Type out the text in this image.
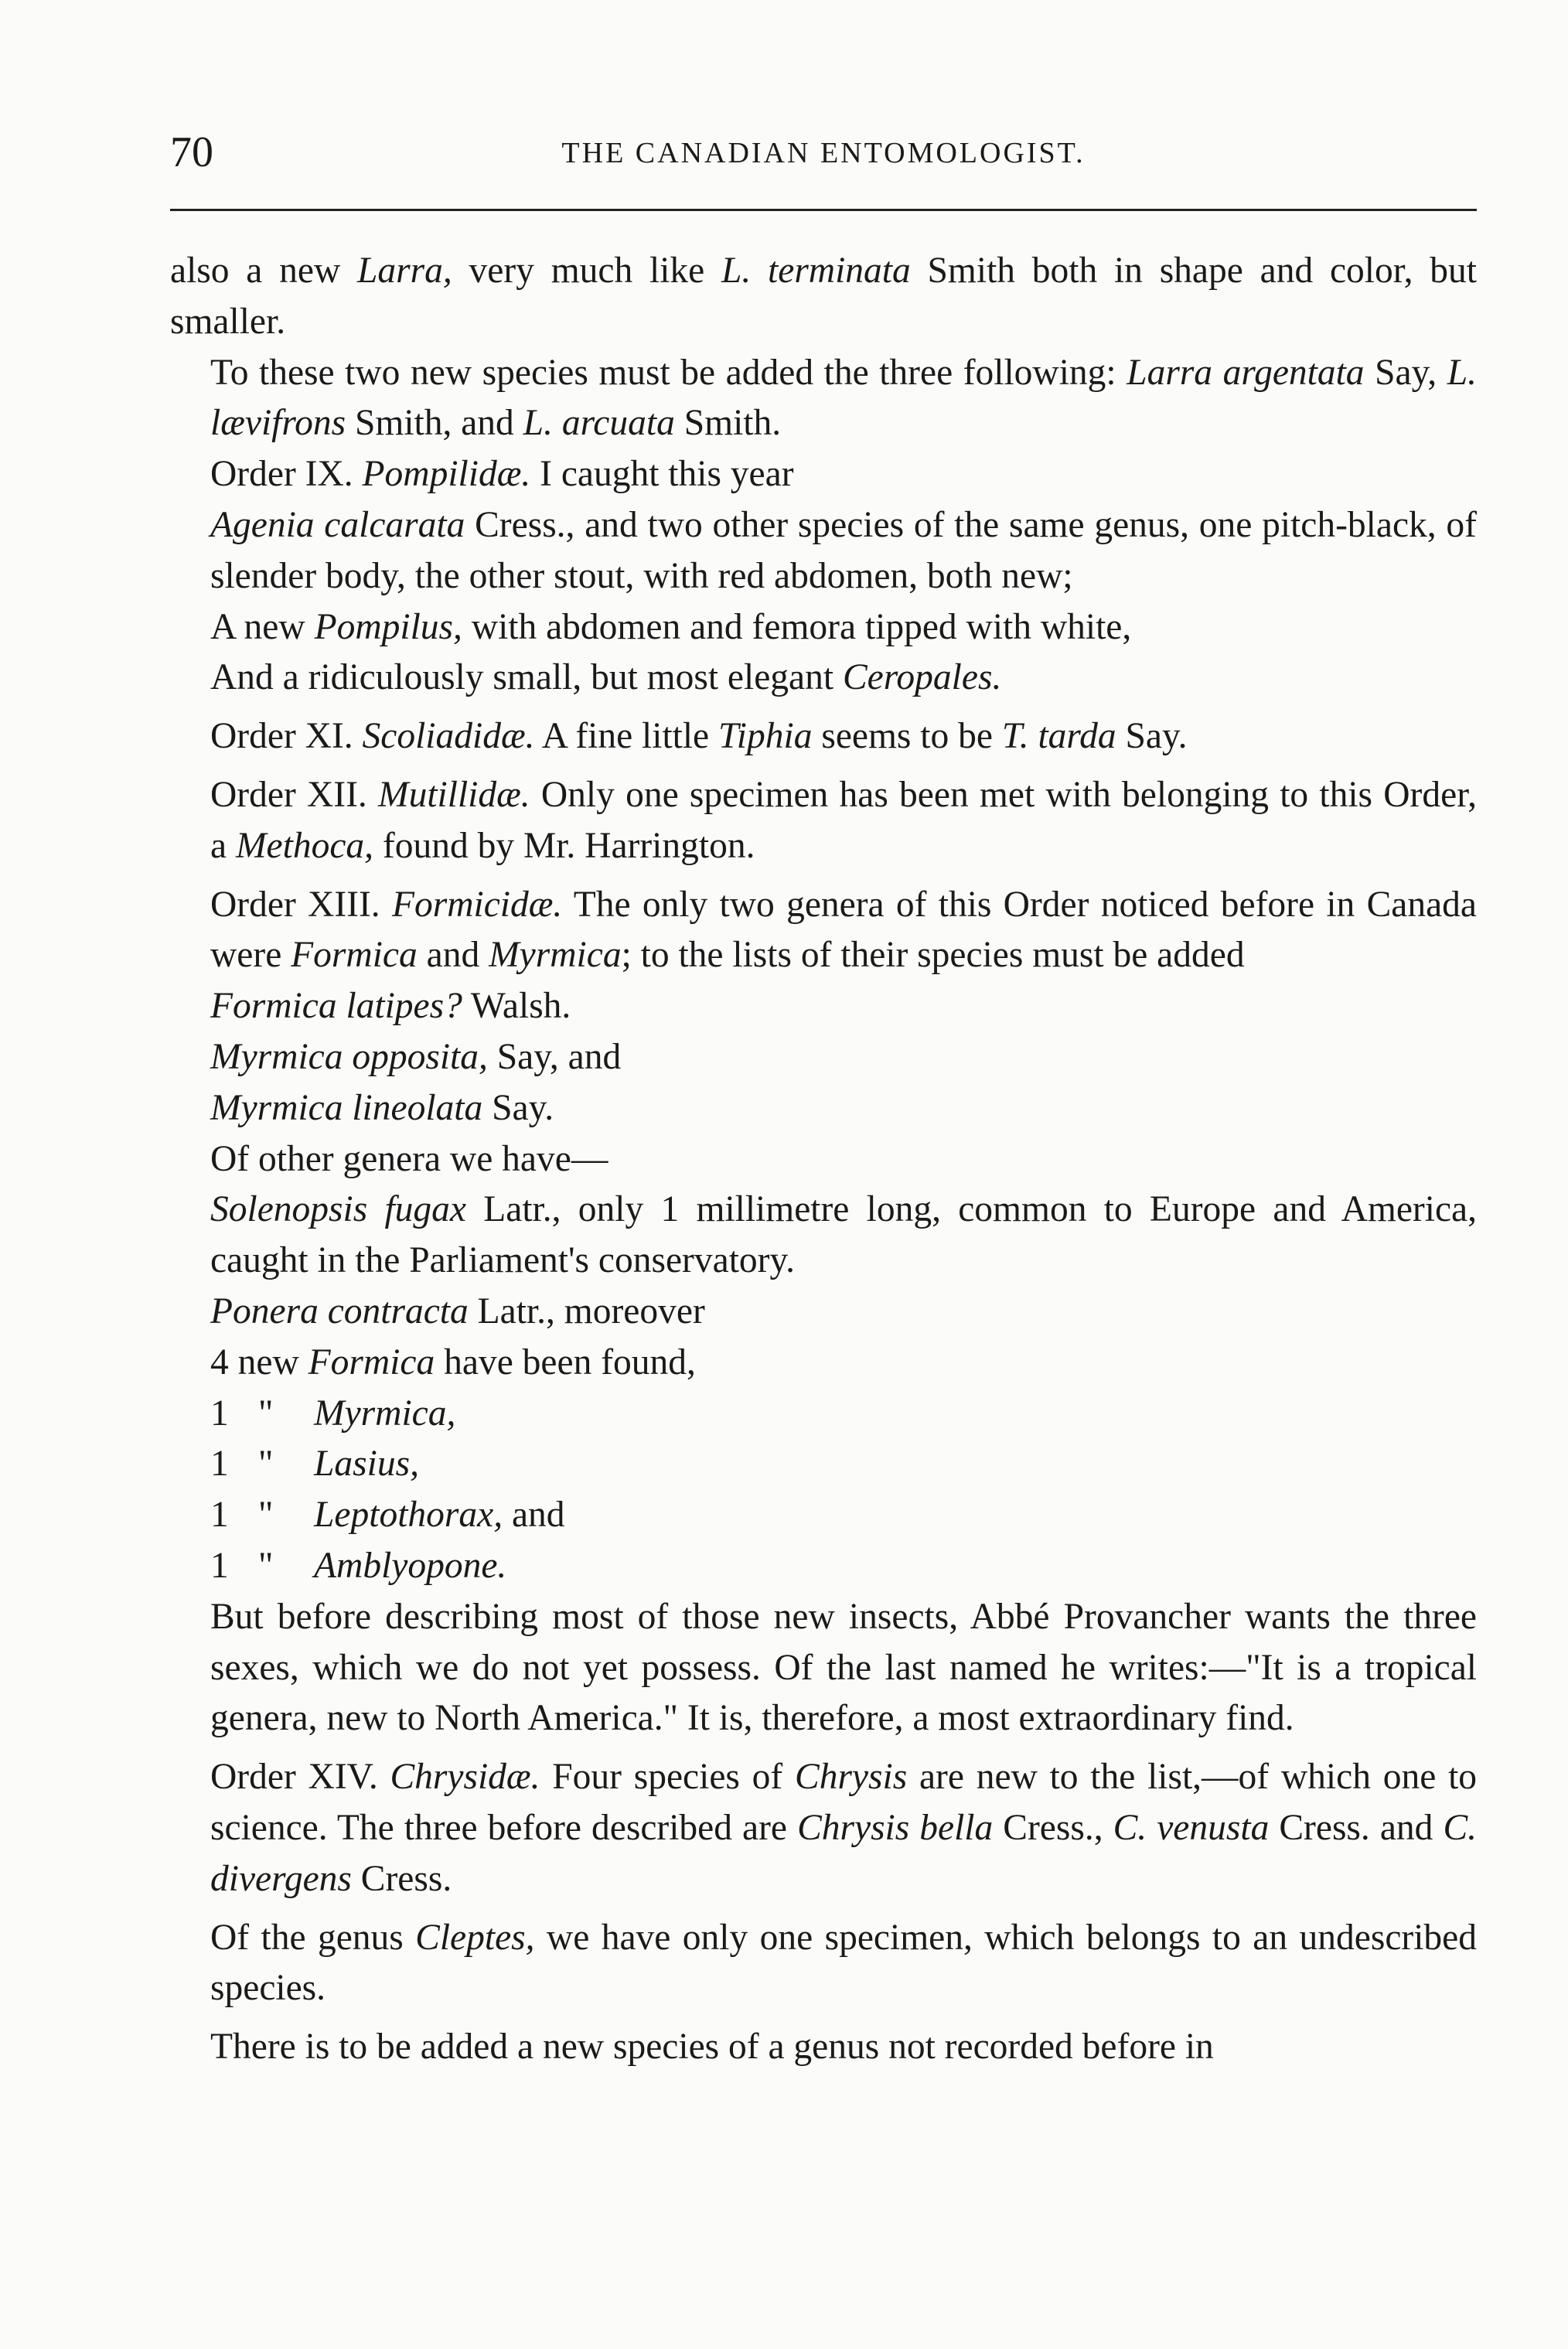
70	THE CANADIAN ENTOMOLOGIST.

also a new Larra, very much like L. terminata Smith both in shape and color, but smaller.

To these two new species must be added the three following: Larra argentata Say, L. lævifrons Smith, and L. arcuata Smith.

Order IX. Pompilidæ. I caught this year

Agenia calcarata Cress., and two other species of the same genus, one pitch-black, of slender body, the other stout, with red abdomen, both new;

A new Pompilus, with abdomen and femora tipped with white,

And a ridiculously small, but most elegant Ceropales.

Order XI. Scoliadidæ. A fine little Tiphia seems to be T. tarda Say.

Order XII. Mutillidæ. Only one specimen has been met with belonging to this Order, a Methoca, found by Mr. Harrington.

Order XIII. Formicidæ. The only two genera of this Order noticed before in Canada were Formica and Myrmica; to the lists of their species must be added

Formica latipes? Walsh.

Myrmica opposita, Say, and

Myrmica lineolata Say.

Of other genera we have—

Solenopsis fugax Latr., only 1 millimetre long, common to Europe and America, caught in the Parliament's conservatory.

Ponera contracta Latr., moreover

4 new Formica have been found,

1 " Myrmica,

1 " Lasius,

1 " Leptothorax, and

1 " Amblyopone.

But before describing most of those new insects, Abbé Provancher wants the three sexes, which we do not yet possess. Of the last named he writes:—"It is a tropical genera, new to North America." It is, therefore, a most extraordinary find.

Order XIV. Chrysidæ. Four species of Chrysis are new to the list,—of which one to science. The three before described are Chrysis bella Cress., C. venusta Cress. and C. divergens Cress.

Of the genus Cleptes, we have only one specimen, which belongs to an undescribed species.

There is to be added a new species of a genus not recorded before in
